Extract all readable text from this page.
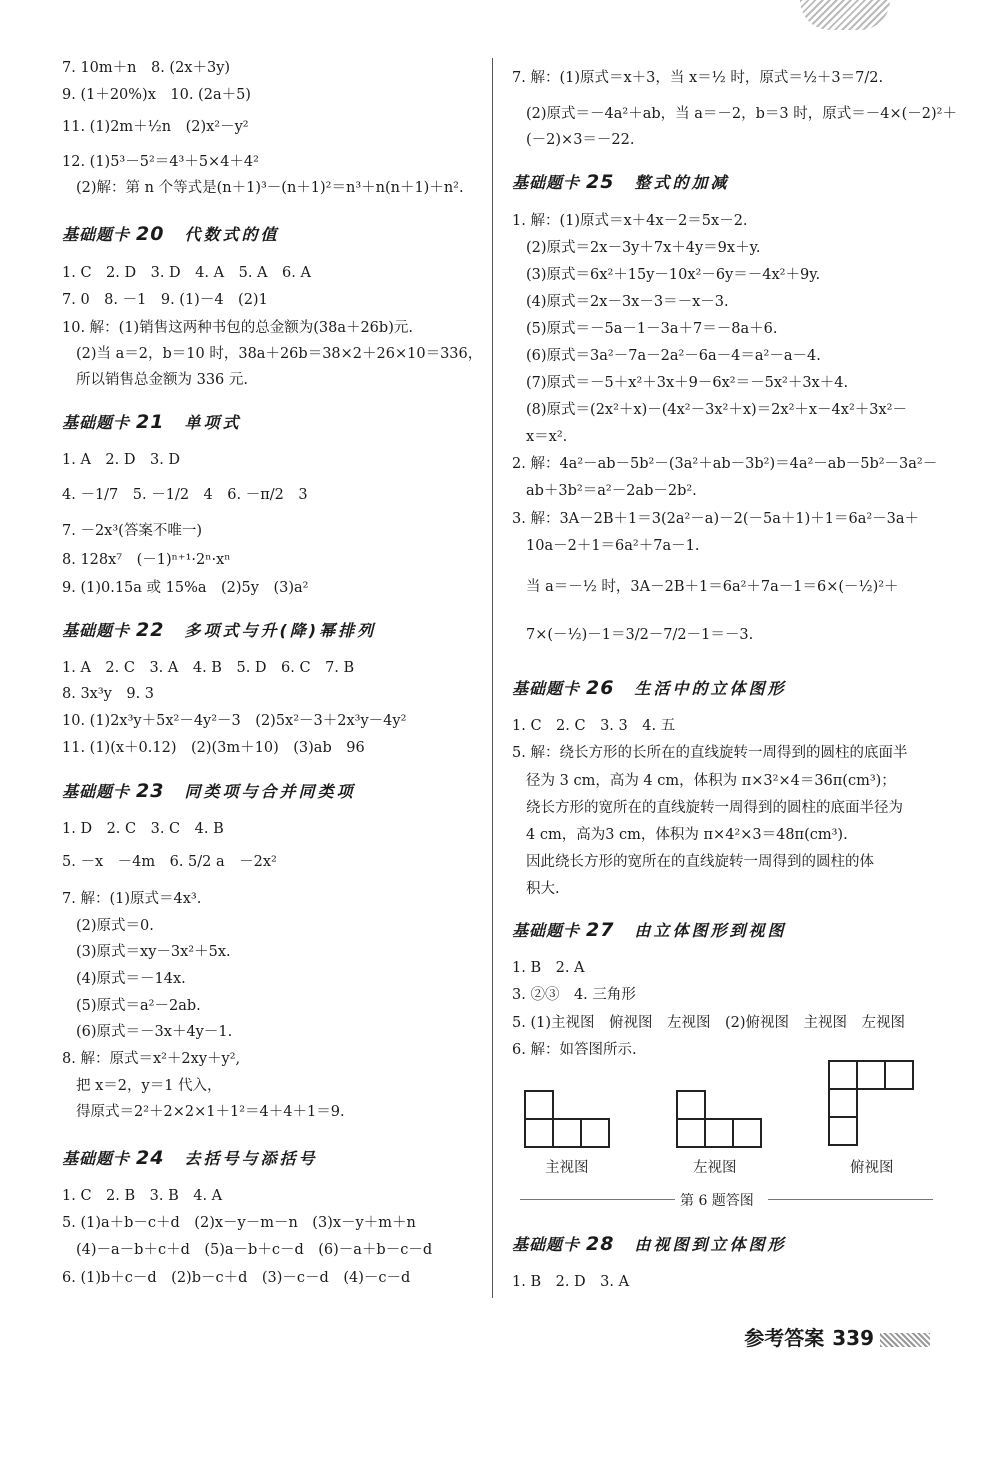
7. 10m＋n　8. (2x＋3y)
9. (1＋20%)x　10. (2a＋5)
11. (1)2m＋½n　(2)x²－y²
12. (1)5³－5²＝4³＋5×4＋4²
(2)解：第 n 个等式是(n＋1)³－(n＋1)²＝n³＋n(n＋1)＋n².
基础题卡 20 代数式的值
1. C　2. D　3. D　4. A　5. A　6. A
7. 0　8. －1　9. (1)－4　(2)1
10. 解：(1)销售这两种书包的总金额为(38a＋26b)元.
(2)当 a＝2，b＝10 时，38a＋26b＝38×2＋26×10＝336，
所以销售总金额为 336 元.
基础题卡 21 单项式
1. A　2. D　3. D
4. －1/7　5. －1/2　4　6. －π/2　3
7. －2x³(答案不唯一)
8. 128x⁷　(－1)ⁿ⁺¹·2ⁿ·xⁿ
9. (1)0.15a 或 15%a　(2)5y　(3)a²
基础题卡 22 多项式与升(降)幂排列
1. A　2. C　3. A　4. B　5. D　6. C　7. B
8. 3x³y　9. 3
10. (1)2x³y＋5x²－4y²－3　(2)5x²－3＋2x³y－4y²
11. (1)(x＋0.12)　(2)(3m＋10)　(3)ab　96
基础题卡 23 同类项与合并同类项
1. D　2. C　3. C　4. B
5. －x　－4m　6. 5/2 a　－2x²
7. 解：(1)原式＝4x³.
(2)原式＝0.
(3)原式＝xy－3x²＋5x.
(4)原式＝－14x.
(5)原式＝a²－2ab.
(6)原式＝－3x＋4y－1.
8. 解：原式＝x²＋2xy＋y²,
把 x＝2，y＝1 代入，
得原式＝2²＋2×2×1＋1²＝4＋4＋1＝9.
基础题卡 24 去括号与添括号
1. C　2. B　3. B　4. A
5. (1)a＋b－c＋d　(2)x－y－m－n　(3)x－y＋m＋n
(4)－a－b＋c＋d　(5)a－b＋c－d　(6)－a＋b－c－d
6. (1)b＋c－d　(2)b－c＋d　(3)－c－d　(4)－c－d
7. 解：(1)原式＝x＋3，当 x＝½ 时，原式＝½＋3＝7/2.
(2)原式＝－4a²＋ab，当 a＝－2，b＝3 时，原式＝－4×(－2)²＋
(－2)×3＝－22.
基础题卡 25 整式的加减
1. 解：(1)原式＝x＋4x－2＝5x－2.
(2)原式＝2x－3y＋7x＋4y＝9x＋y.
(3)原式＝6x²＋15y－10x²－6y＝－4x²＋9y.
(4)原式＝2x－3x－3＝－x－3.
(5)原式＝－5a－1－3a＋7＝－8a＋6.
(6)原式＝3a²－7a－2a²－6a－4＝a²－a－4.
(7)原式＝－5＋x²＋3x＋9－6x²＝－5x²＋3x＋4.
(8)原式＝(2x²＋x)－(4x²－3x²＋x)＝2x²＋x－4x²＋3x²－
x＝x².
2. 解：4a²－ab－5b²－(3a²＋ab－3b²)＝4a²－ab－5b²－3a²－
ab＋3b²＝a²－2ab－2b².
3. 解：3A－2B＋1＝3(2a²－a)－2(－5a＋1)＋1＝6a²－3a＋
10a－2＋1＝6a²＋7a－1.
当 a＝－½ 时，3A－2B＋1＝6a²＋7a－1＝6×(－½)²＋
7×(－½)－1＝3/2－7/2－1＝－3.
基础题卡 26 生活中的立体图形
1. C　2. C　3. 3　4. 五
5. 解：绕长方形的长所在的直线旋转一周得到的圆柱的底面半
径为 3 cm，高为 4 cm，体积为 π×3²×4＝36π(cm³)；
绕长方形的宽所在的直线旋转一周得到的圆柱的底面半径为
4 cm，高为3 cm，体积为 π×4²×3＝48π(cm³).
因此绕长方形的宽所在的直线旋转一周得到的圆柱的体
积大.
基础题卡 27 由立体图形到视图
1. B　2. A
3. ②③　4. 三角形
5. (1)主视图　俯视图　左视图　(2)俯视图　主视图　左视图
6. 解：如答图所示.
主视图	左视图	俯视图
第 6 题答图
基础题卡 28 由视图到立体图形
1. B　2. D　3. A
参考答案 339
